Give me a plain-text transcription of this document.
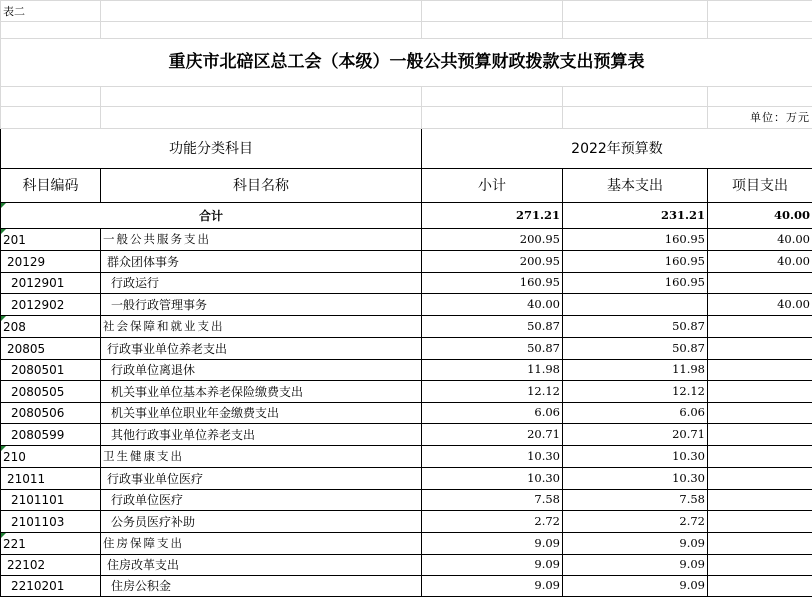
表二				

重庆市北碚区总工会（本级）一般公共预算财政拨款支出预算表				

				单位：万元
功能分类科目		2022年预算数		
科目编码	科目名称	小计	基本支出	项目支出
合计		271.21	231.21	40.00
201	一般公共服务支出	200.95	160.95	40.00
20129	群众团体事务	200.95	160.95	40.00
2012901	行政运行	160.95	160.95	
2012902	一般行政管理事务	40.00		40.00
208	社会保障和就业支出	50.87	50.87	
20805	行政事业单位养老支出	50.87	50.87	
2080501	行政单位离退休	11.98	11.98	
2080505	机关事业单位基本养老保险缴费支出	12.12	12.12	
2080506	机关事业单位职业年金缴费支出	6.06	6.06	
2080599	其他行政事业单位养老支出	20.71	20.71	
210	卫生健康支出	10.30	10.30	
21011	行政事业单位医疗	10.30	10.30	
2101101	行政单位医疗	7.58	7.58	
2101103	公务员医疗补助	2.72	2.72	
221	住房保障支出	9.09	9.09	
22102	住房改革支出	9.09	9.09	
2210201	住房公积金	9.09	9.09	
